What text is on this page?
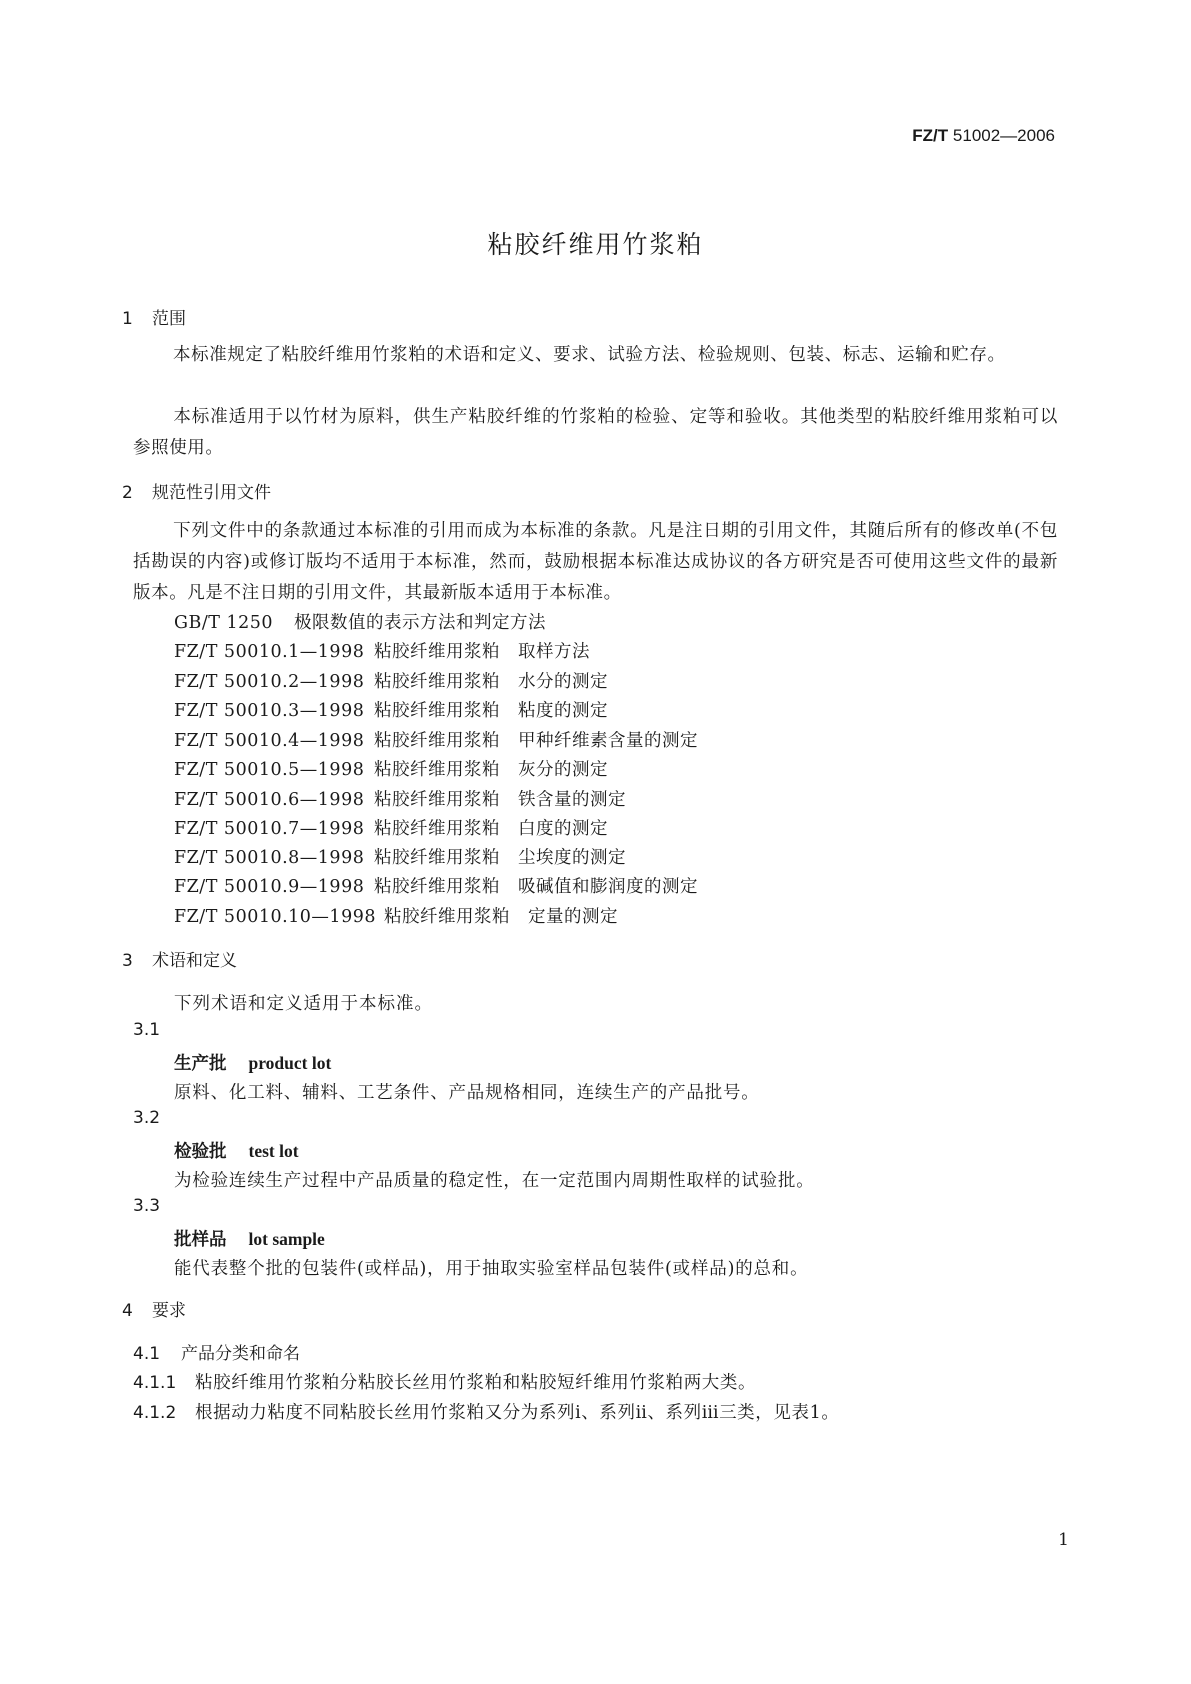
FZ/T 51002—2006
粘胶纤维用竹浆粕
1 范围
本标准规定了粘胶纤维用竹浆粕的术语和定义、要求、试验方法、检验规则、包装、标志、运输和贮存。
本标准适用于以竹材为原料，供生产粘胶纤维的竹浆粕的检验、定等和验收。其他类型的粘胶纤维用浆粕可以参照使用。
2 规范性引用文件
下列文件中的条款通过本标准的引用而成为本标准的条款。凡是注日期的引用文件，其随后所有的修改单(不包括勘误的内容)或修订版均不适用于本标准，然而，鼓励根据本标准达成协议的各方研究是否可使用这些文件的最新版本。凡是不注日期的引用文件，其最新版本适用于本标准。
GB/T 1250 极限数值的表示方法和判定方法
FZ/T 50010.1—1998 粘胶纤维用浆粕　取样方法
FZ/T 50010.2—1998 粘胶纤维用浆粕　水分的测定
FZ/T 50010.3—1998 粘胶纤维用浆粕　粘度的测定
FZ/T 50010.4—1998 粘胶纤维用浆粕　甲种纤维素含量的测定
FZ/T 50010.5—1998 粘胶纤维用浆粕　灰分的测定
FZ/T 50010.6—1998 粘胶纤维用浆粕　铁含量的测定
FZ/T 50010.7—1998 粘胶纤维用浆粕　白度的测定
FZ/T 50010.8—1998 粘胶纤维用浆粕　尘埃度的测定
FZ/T 50010.9—1998 粘胶纤维用浆粕　吸碱值和膨润度的测定
FZ/T 50010.10—1998 粘胶纤维用浆粕　定量的测定
3 术语和定义
下列术语和定义适用于本标准。
3.1
生产批 product lot
原料、化工料、辅料、工艺条件、产品规格相同，连续生产的产品批号。
3.2
检验批 test lot
为检验连续生产过程中产品质量的稳定性，在一定范围内周期性取样的试验批。
3.3
批样品 lot sample
能代表整个批的包装件(或样品)，用于抽取实验室样品包装件(或样品)的总和。
4 要求
4.1 产品分类和命名
4.1.1 粘胶纤维用竹浆粕分粘胶长丝用竹浆粕和粘胶短纤维用竹浆粕两大类。
4.1.2 根据动力粘度不同粘胶长丝用竹浆粕又分为系列ⅰ、系列ⅱ、系列ⅲ三类，见表1。
1
